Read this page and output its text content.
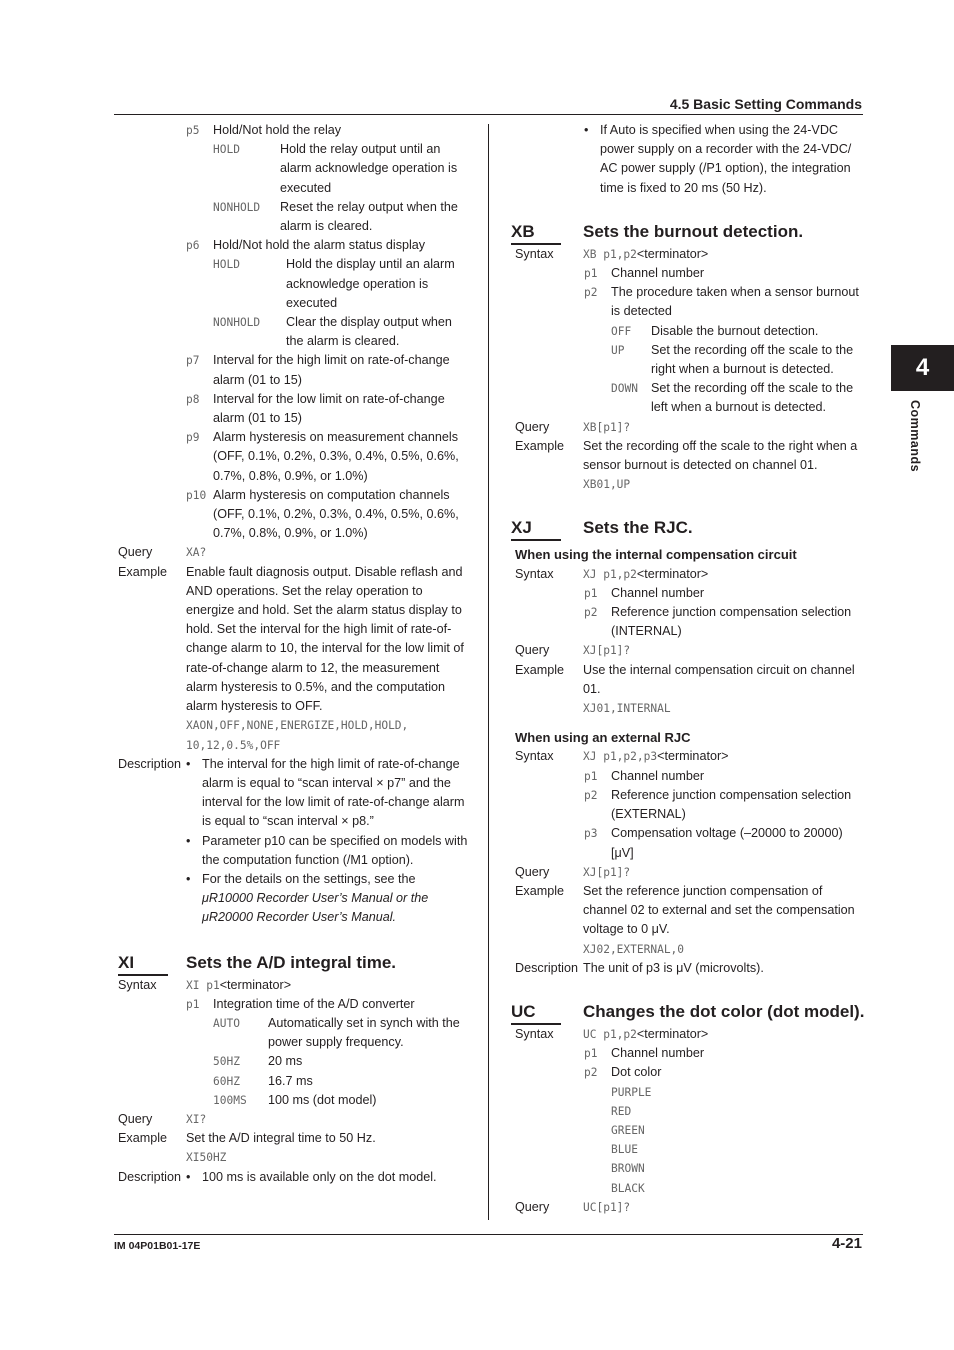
4.5 Basic Setting Commands
IM 04P01B01-17E	4-21
4
Commands
p5	Hold/Not hold the relay
HOLD	Hold the relay output until an alarm acknowledge operation is executed
NONHOLD	Reset the relay output when the alarm is cleared.
p6	Hold/Not hold the alarm status display
HOLD	Hold the display until an alarm acknowledge operation is executed
NONHOLD	Clear the display output when the alarm is cleared.
p7	Interval for the high limit on rate-of-change alarm (01 to 15)
p8	Interval for the low limit on rate-of-change alarm (01 to 15)
p9	Alarm hysteresis on measurement channels (OFF, 0.1%, 0.2%, 0.3%, 0.4%, 0.5%, 0.6%, 0.7%, 0.8%, 0.9%, or 1.0%)
p10 Alarm hysteresis on computation channels (OFF, 0.1%, 0.2%, 0.3%, 0.4%, 0.5%, 0.6%, 0.7%, 0.8%, 0.9%, or 1.0%)
Query	XA?
Example	Enable fault diagnosis output. Disable reflash and AND operations. Set the relay operation to energize and hold. Set the alarm status display to hold. Set the interval for the high limit of rate-of-change alarm to 10, the interval for the low limit of rate-of-change alarm to 12, the measurement alarm hysteresis to 0.5%, and the computation alarm hysteresis to OFF.
XAON,OFF,NONE,ENERGIZE,HOLD,HOLD,
10,12,0.5%,OFF
Description • The interval for the high limit of rate-of-change alarm is equal to “scan interval × p7” and the interval for the low limit of rate-of-change alarm is equal to “scan interval × p8.”
• Parameter p10 can be specified on models with the computation function (/M1 option).
• For the details on the settings, see the μR10000 Recorder User’s Manual or the μR20000 Recorder User’s Manual.
XI	Sets the A/D integral time.
Syntax	XI p1<terminator>
p1	Integration time of the A/D converter
AUTO	Automatically set in synch with the power supply frequency.
50HZ	20 ms
60HZ	16.7 ms
100MS	100 ms (dot model)
Query	XI?
Example	Set the A/D integral time to 50 Hz.
XI50HZ
Description • 100 ms is available only on the dot model.
• If Auto is specified when using the 24-VDC power supply on a recorder with the 24-VDC/ AC power supply (/P1 option), the integration time is fixed to 20 ms (50 Hz).
XB	Sets the burnout detection.
Syntax	XB p1,p2<terminator>
p1	Channel number
p2	The procedure taken when a sensor burnout is detected
OFF	Disable the burnout detection.
UP	Set the recording off the scale to the right when a burnout is detected.
DOWN	Set the recording off the scale to the left when a burnout is detected.
Query	XB[p1]?
Example	Set the recording off the scale to the right when a sensor burnout is detected on channel 01.
XB01,UP
XJ	Sets the RJC.
When using the internal compensation circuit
Syntax	XJ p1,p2<terminator>
p1	Channel number
p2	Reference junction compensation selection (INTERNAL)
Query	XJ[p1]?
Example	Use the internal compensation circuit on channel 01.
XJ01,INTERNAL
When using an external RJC
Syntax	XJ p1,p2,p3<terminator>
p1	Channel number
p2	Reference junction compensation selection (EXTERNAL)
p3	Compensation voltage (–20000 to 20000) [μV]
Query	XJ[p1]?
Example	Set the reference junction compensation of channel 02 to external and set the compensation voltage to 0 μV.
XJ02,EXTERNAL,0
Description The unit of p3 is μV (microvolts).
UC	Changes the dot color (dot model).
Syntax	UC p1,p2<terminator>
p1	Channel number
p2	Dot color
PURPLE
RED
GREEN
BLUE
BROWN
BLACK
Query	UC[p1]?
